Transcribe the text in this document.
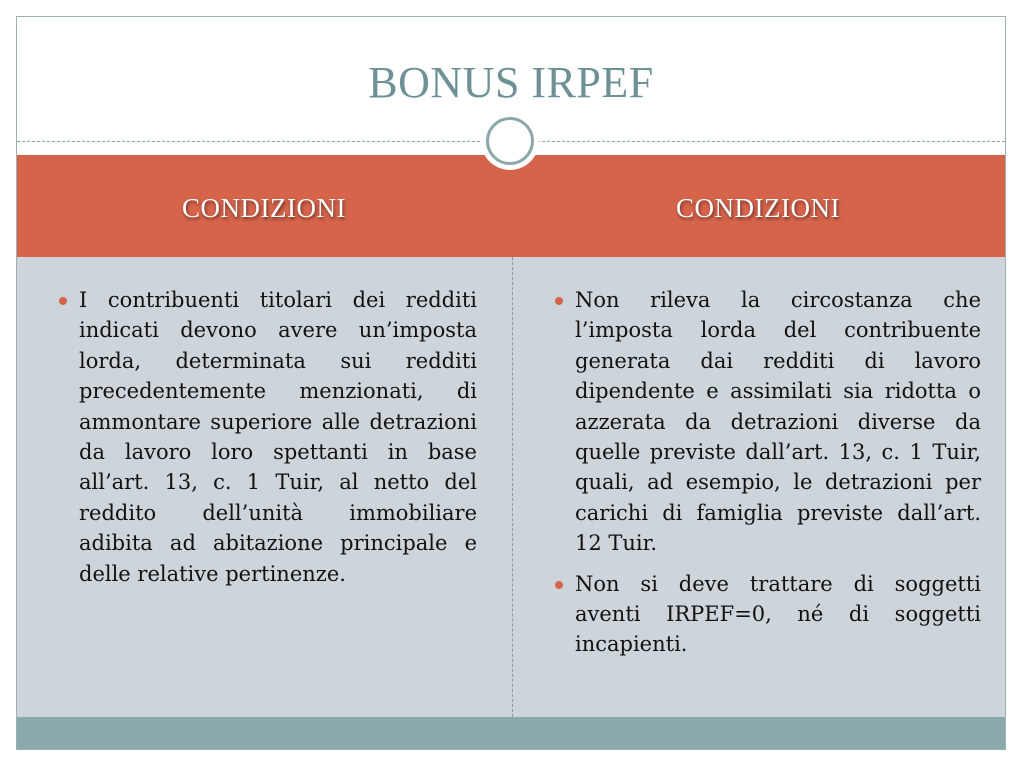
BONUS IRPEF
CONDIZIONI	CONDIZIONI

I contribuenti titolari dei redditi indicati devono avere un’imposta lorda, determinata sui redditi precedentemente menzionati, di ammontare superiore alle detrazioni da lavoro loro spettanti in base all’art. 13, c. 1 Tuir, al netto del reddito dell’unità immobiliare adibita ad abitazione principale e delle relative pertinenze.

Non rileva la circostanza che l’imposta lorda del contribuente generata dai redditi di lavoro dipendente e assimilati sia ridotta o azzerata da detrazioni diverse da quelle previste dall’art. 13, c. 1 Tuir, quali, ad esempio, le detrazioni per carichi di famiglia previste dall’art. 12 Tuir.

Non si deve trattare di soggetti aventi IRPEF=0, né di soggetti incapienti.
